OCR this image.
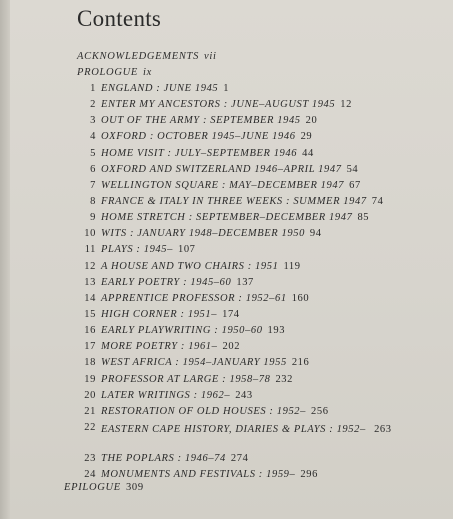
Contents
ACKNOWLEDGEMENTS vii
PROLOGUE ix
1 ENGLAND : JUNE 1945 1
2 ENTER MY ANCESTORS : JUNE–AUGUST 1945 12
3 OUT OF THE ARMY : SEPTEMBER 1945 20
4 OXFORD : OCTOBER 1945–JUNE 1946 29
5 HOME VISIT : JULY–SEPTEMBER 1946 44
6 OXFORD AND SWITZERLAND 1946–APRIL 1947 54
7 WELLINGTON SQUARE : MAY–DECEMBER 1947 67
8 FRANCE & ITALY IN THREE WEEKS : SUMMER 1947 74
9 HOME STRETCH : SEPTEMBER–DECEMBER 1947 85
10 WITS : JANUARY 1948–DECEMBER 1950 94
11 PLAYS : 1945– 107
12 A HOUSE AND TWO CHAIRS : 1951 119
13 EARLY POETRY : 1945–60 137
14 APPRENTICE PROFESSOR : 1952–61 160
15 HIGH CORNER : 1951– 174
16 EARLY PLAYWRITING : 1950–60 193
17 MORE POETRY : 1961– 202
18 WEST AFRICA : 1954–JANUARY 1955 216
19 PROFESSOR AT LARGE : 1958–78 232
20 LATER WRITINGS : 1962– 243
21 RESTORATION OF OLD HOUSES : 1952– 256
22 EASTERN CAPE HISTORY, DIARIES & PLAYS : 1952– 263
23 THE POPLARS : 1946–74 274
24 MONUMENTS AND FESTIVALS : 1959– 296
EPILOGUE 309
